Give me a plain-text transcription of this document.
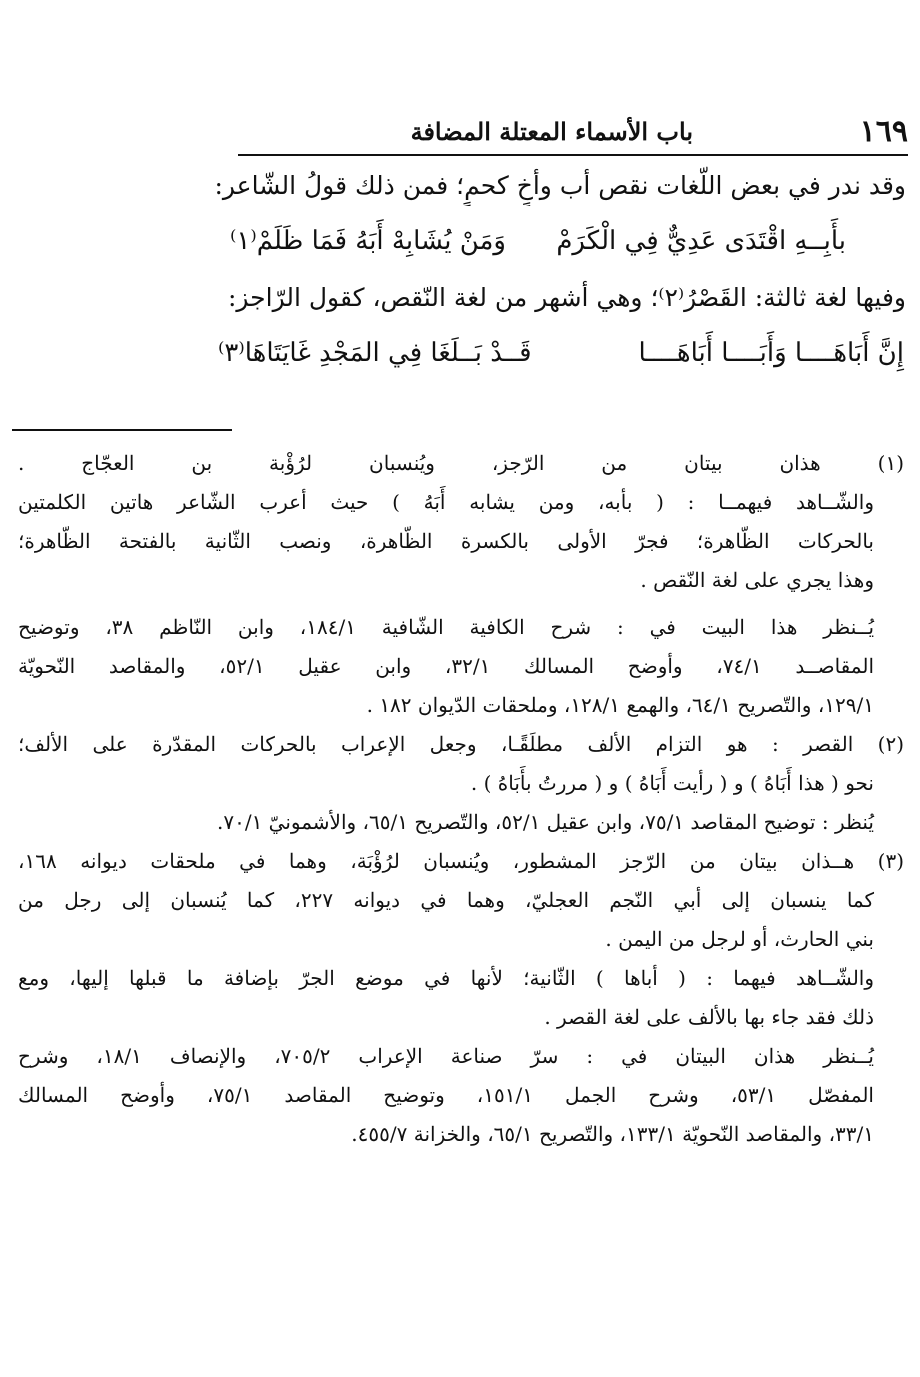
١٦٩
باب الأسماء المعتلة المضافة

وقد ندر في بعض اللّغات نقص أب وأخٍ كحمٍ؛ فمن ذلك قولُ الشّاعر:

بأَبِــهِ اقْتَدَى عَدِيٌّ فِي الْكَرَمْ
وَمَنْ يُشَابِهْ أَبَهُ فَمَا ظَلَمْ⁽١⁾

وفيها لغة ثالثة: القَصْرُ⁽٢⁾؛ وهي أشهر من لغة النّقص، كقول الرّاجز:

إِنَّ أَبَاهَــــا وَأَبَــــا أَبَاهَــــا
قَــدْ بَــلَغَا فِي المَجْدِ غَايَتَاهَا⁽٣⁾
(١) هذان بيتان من الرّجز، ويُنسبان لرُؤْبة بن العجّاج .
والشّــاهد فيهمــا : ( بأبه، ومن يشابه أَبَهُ ) حيث أعرب الشّاعر هاتين الكلمتين
بالحركات الظّاهرة؛ فجرّ الأولى بالكسرة الظّاهرة، ونصب الثّانية بالفتحة الظّاهرة؛
وهذا يجري على لغة النّقص .
يُــنظر هذا البيت في : شرح الكافية الشّافية ١٨٤/١، وابن النّاظم ٣٨، وتوضيح
المقاصــد ٧٤/١، وأوضح المسالك ٣٢/١، وابن عقيل ٥٢/١، والمقاصد النّحويّة
١٢٩/١، والتّصريح ٦٤/١، والهمع ١٢٨/١، وملحقات الدّيوان ١٨٢ .
(٢) القصر : هو التزام الألف مطلَقًـا، وجعل الإعراب بالحركات المقدّرة على الألف؛
نحو ( هذا أَبَاهُ ) و ( رأيت أَبَاهُ ) و ( مررتُ بأَبَاهُ ) .
يُنظر : توضيح المقاصد ٧٥/١، وابن عقيل ٥٢/١، والتّصريح ٦٥/١، والأشمونيّ ٧٠/١.
(٣) هــذان بيتان من الرّجز المشطور، ويُنسبان لرُؤْبَة، وهما في ملحقات ديوانه ١٦٨،
كما ينسبان إلى أبي النّجم العجليّ، وهما في ديوانه ٢٢٧، كما يُنسبان إلى رجل من
بني الحارث، أو لرجل من اليمن .
والشّــاهد فيهما : ( أباها ) الثّانية؛ لأنها في موضع الجرّ بإضافة ما قبلها إليها، ومع
ذلك فقد جاء بها بالألف على لغة القصر .
يُــنظر هذان البيتان في : سرّ صناعة الإعراب ٧٠٥/٢، والإنصاف ١٨/١، وشرح
المفصّل ٥٣/١، وشرح الجمل ١٥١/١، وتوضيح المقاصد ٧٥/١، وأوضح المسالك
٣٣/١، والمقاصد النّحويّة ١٣٣/١، والتّصريح ٦٥/١، والخزانة ٤٥٥/٧.
